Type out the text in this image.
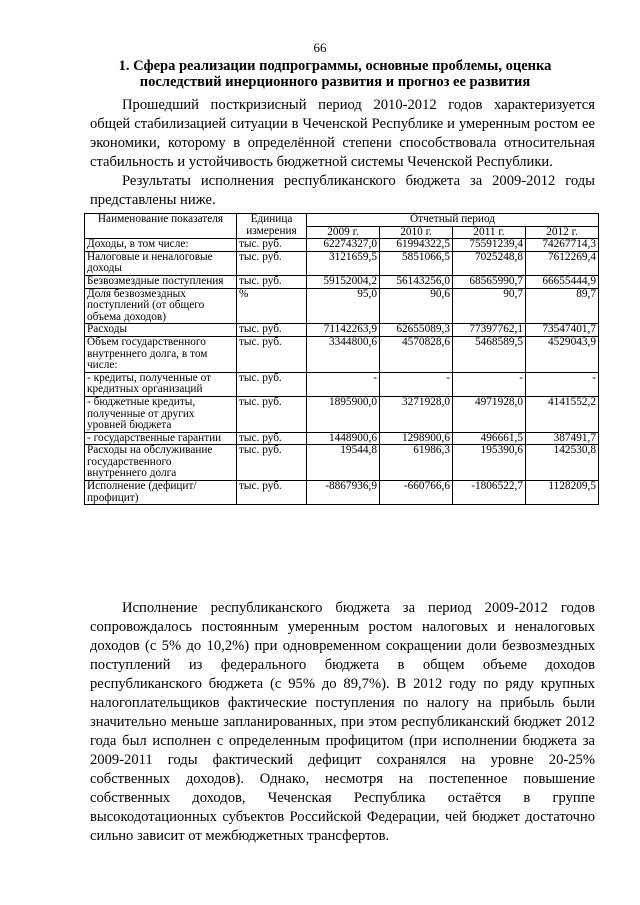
66
1. Сфера реализации подпрограммы, основные проблемы, оценка последствий инерционного развития и прогноз ее развития

Прошедший посткризисный период 2010-2012 годов характеризуется общей стабилизацией ситуации в Чеченской Республике и умеренным ростом ее экономики, которому в определённой степени способствовала относительная стабильность и устойчивость бюджетной системы Чеченской Республики.

Результаты исполнения республиканского бюджета за 2009-2012 годы представлены ниже.

Наименование показателя	Единица измерения	Отчетный период			
		2009 г.	2010 г.	2011 г.	2012 г.
Доходы, в том числе:	тыс. руб.	62274327,0	61994322,5	75591239,4	74267714,3
Налоговые и неналоговые доходы	тыс. руб.	3121659,5	5851066,5	7025248,8	7612269,4
Безвозмездные поступления	тыс. руб.	59152004,2	56143256,0	68565990,7	66655444,9
Доля безвозмездных поступлений (от общего объема доходов)	%	95,0	90,6	90,7	89,7
Расходы	тыс. руб.	71142263,9	62655089,3	77397762,1	73547401,7
Объем государственного внутреннего долга, в том числе:	тыс. руб.	3344800,6	4570828,6	5468589,5	4529043,9
- кредиты, полученные от кредитных организаций	тыс. руб.	-	-	-	-
- бюджетные кредиты, полученные от других уровней бюджета	тыс. руб.	1895900,0	3271928,0	4971928,0	4141552,2
- государственные гарантии	тыс. руб.	1448900,6	1298900,6	496661,5	387491,7
Расходы на обслуживание государственного внутреннего долга	тыс. руб.	19544,8	61986,3	195390,6	142530,8
Исполнение (дефицит/профицит)	тыс. руб.	-8867936,9	-660766,6	-1806522,7	1128209,5

Исполнение республиканского бюджета за период 2009-2012 годов сопровождалось постоянным умеренным ростом налоговых и неналоговых доходов (с 5% до 10,2%) при одновременном сокращении доли безвозмездных поступлений из федерального бюджета в общем объеме доходов республиканского бюджета (с 95% до 89,7%). В 2012 году по ряду крупных налогоплательщиков фактические поступления по налогу на прибыль были значительно меньше запланированных, при этом республиканский бюджет 2012 года был исполнен с определенным профицитом (при исполнении бюджета за 2009-2011 годы фактический дефицит сохранялся на уровне 20-25% собственных доходов). Однако, несмотря на постепенное повышение собственных доходов, Чеченская Республика остаётся в группе высокодотационных субъектов Российской Федерации, чей бюджет достаточно сильно зависит от межбюджетных трансфертов.
